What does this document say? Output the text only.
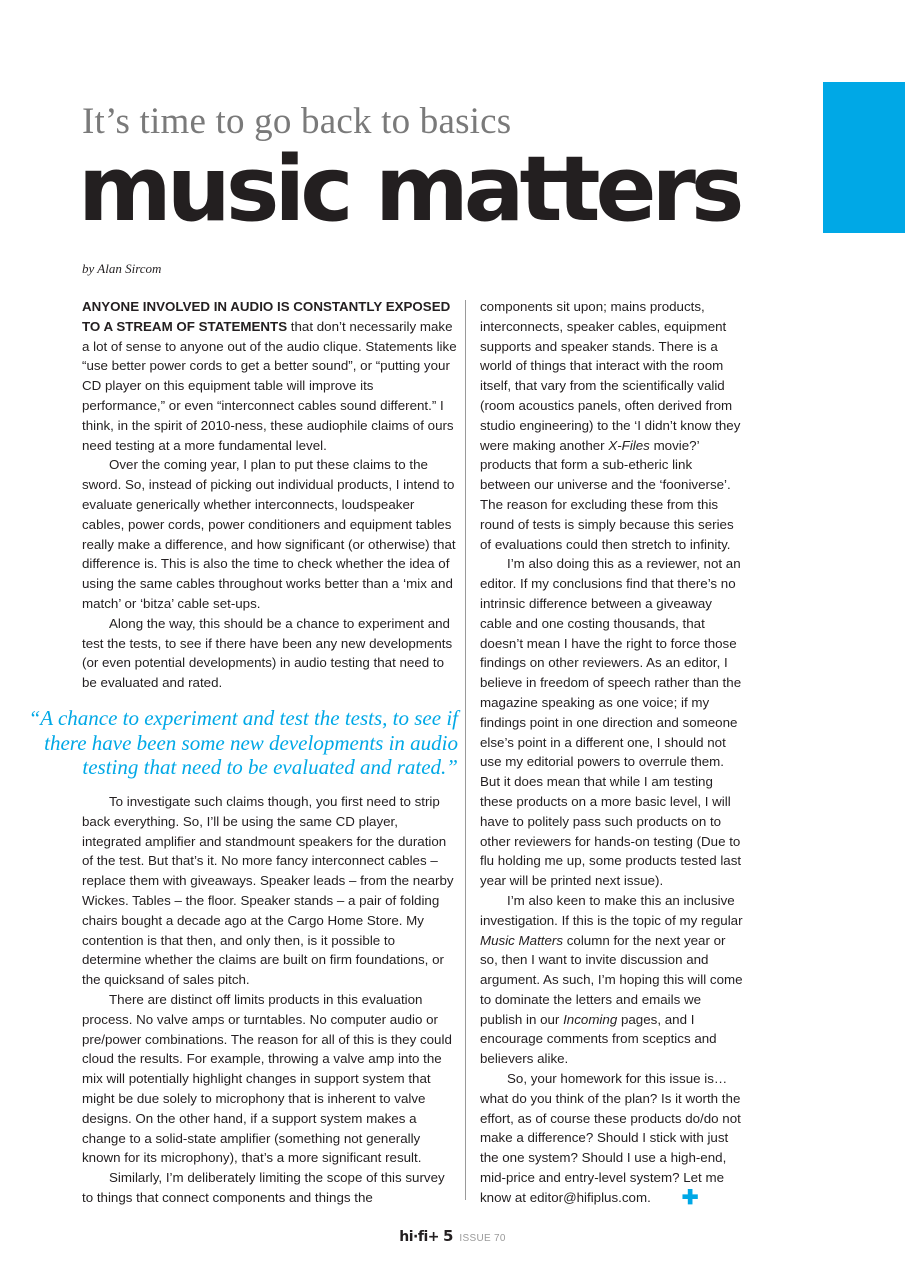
It’s time to go back to basics
music matters
by Alan Sircom

ANYONE INVOLVED IN AUDIO IS CONSTANTLY EXPOSED TO A STREAM OF STATEMENTS that don’t necessarily make a lot of sense to anyone out of the audio clique. Statements like “use better power cords to get a better sound”, or “putting your CD player on this equipment table will improve its performance,” or even “interconnect cables sound different.” I think, in the spirit of 2010-ness, these audiophile claims of ours need testing at a more fundamental level.

Over the coming year, I plan to put these claims to the sword. So, instead of picking out individual products, I intend to evaluate generically whether interconnects, loudspeaker cables, power cords, power conditioners and equipment tables really make a difference, and how significant (or otherwise) that difference is. This is also the time to check whether the idea of using the same cables throughout works better than a ‘mix and match’ or ‘bitza’ cable set-ups.

Along the way, this should be a chance to experiment and test the tests, to see if there have been any new developments (or even potential developments) in audio testing that need to be evaluated and rated.

“A chance to experiment and test the tests, to see if there have been some new developments in audio testing that need to be evaluated and rated.”

To investigate such claims though, you first need to strip back everything. So, I’ll be using the same CD player, integrated amplifier and standmount speakers for the duration of the test. But that’s it. No more fancy interconnect cables – replace them with giveaways. Speaker leads – from the nearby Wickes. Tables – the floor. Speaker stands – a pair of folding chairs bought a decade ago at the Cargo Home Store. My contention is that then, and only then, is it possible to determine whether the claims are built on firm foundations, or the quicksand of sales pitch.

There are distinct off limits products in this evaluation process. No valve amps or turntables. No computer audio or pre/power combinations. The reason for all of this is they could cloud the results. For example, throwing a valve amp into the mix will potentially highlight changes in support system that might be due solely to microphony that is inherent to valve designs. On the other hand, if a support system makes a change to a solid-state amplifier (something not generally known for its microphony), that’s a more significant result.

Similarly, I’m deliberately limiting the scope of this survey to things that connect components and things the

components sit upon; mains products, interconnects, speaker cables, equipment supports and speaker stands. There is a world of things that interact with the room itself, that vary from the scientifically valid (room acoustics panels, often derived from studio engineering) to the ‘I didn’t know they were making another X-Files movie?’ products that form a sub-etheric link between our universe and the ‘fooniverse’. The reason for excluding these from this round of tests is simply because this series of evaluations could then stretch to infinity.

I’m also doing this as a reviewer, not an editor. If my conclusions find that there’s no intrinsic difference between a giveaway cable and one costing thousands, that doesn’t mean I have the right to force those findings on other reviewers. As an editor, I believe in freedom of speech rather than the magazine speaking as one voice; if my findings point in one direction and someone else’s point in a different one, I should not use my editorial powers to overrule them. But it does mean that while I am testing these products on a more basic level, I will have to politely pass such products on to other reviewers for hands-on testing (Due to flu holding me up, some products tested last year will be printed next issue).

I’m also keen to make this an inclusive investigation. If this is the topic of my regular Music Matters column for the next year or so, then I want to invite discussion and argument. As such, I’m hoping this will come to dominate the letters and emails we publish in our Incoming pages, and I encourage comments from sceptics and believers alike.

So, your homework for this issue is… what do you think of the plan? Is it worth the effort, as of course these products do/do not make a difference? Should I stick with just the one system? Should I use a high-end, mid-price and entry-level system? Let me know at editor@hifiplus.com. ✚

hi·fi+ 5 ISSUE 70
